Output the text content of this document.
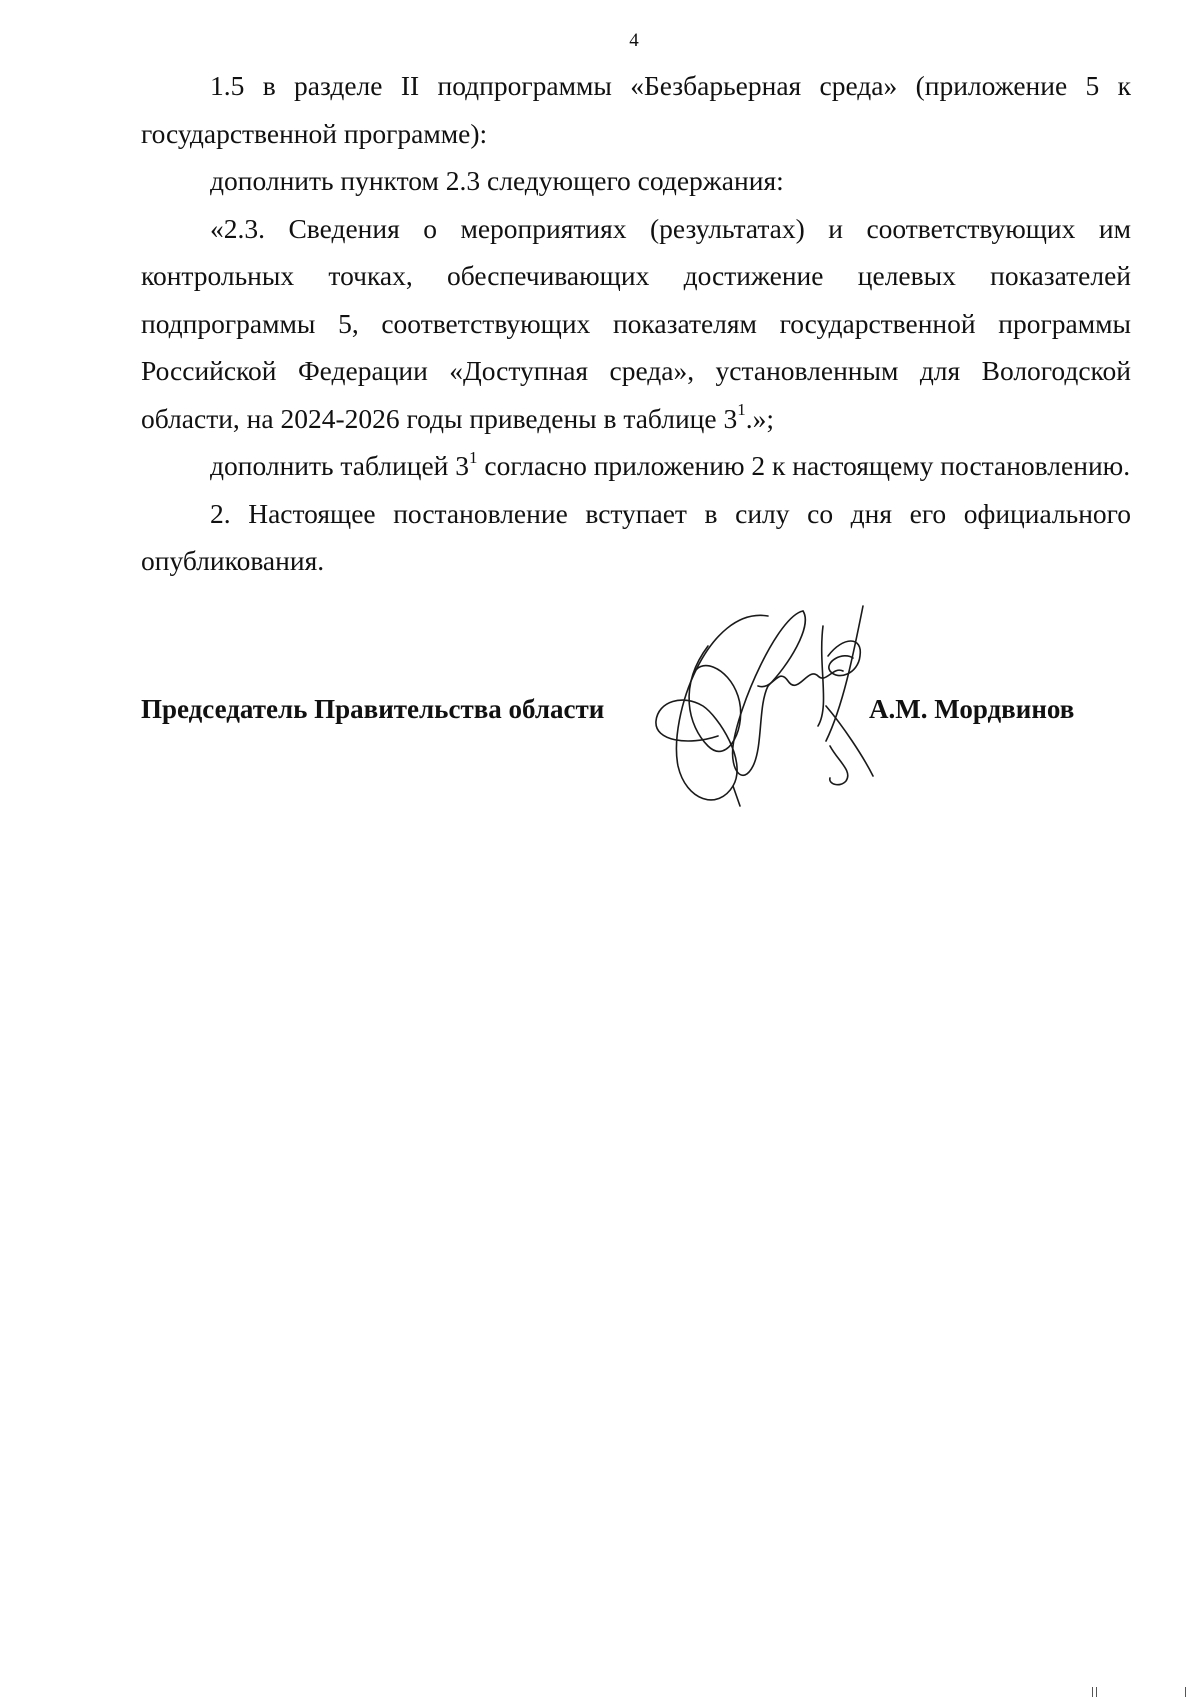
4

1.5 в разделе II подпрограммы «Безбарьерная среда» (приложение 5 к государственной программе):

дополнить пунктом 2.3 следующего содержания:

«2.3. Сведения о мероприятиях (результатах) и соответствующих им контрольных точках, обеспечивающих достижение целевых показателей подпрограммы 5, соответствующих показателям государственной программы Российской Федерации «Доступная среда», установленным для Вологодской области, на 2024-2026 годы приведены в таблице $3^1$.»;

дополнить таблицей $3^1$ согласно приложению 2 к настоящему постановлению.

2. Настоящее постановление вступает в силу со дня его официального опубликования.

Председатель Правительства области	А.М. Мордвинов
